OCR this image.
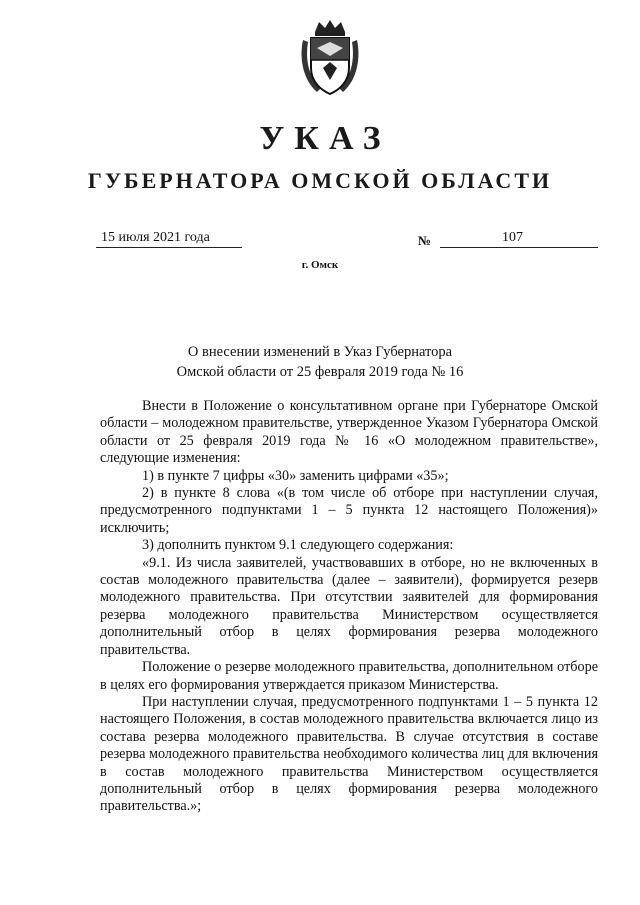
УКАЗ
ГУБЕРНАТОРА ОМСКОЙ ОБЛАСТИ
15 июля 2021 года	№	107
г. Омск
О внесении изменений в Указ Губернатора
Омской области от 25 февраля 2019 года № 16

Внести в Положение о консультативном органе при Губернаторе Омской области – молодежном правительстве, утвержденное Указом Губернатора Омской области от 25 февраля 2019 года № 16 «О молодежном правительстве», следующие изменения:

1) в пункте 7 цифры «30» заменить цифрами «35»;

2) в пункте 8 слова «(в том числе об отборе при наступлении случая, предусмотренного подпунктами 1 – 5 пункта 12 настоящего Положения)» исключить;

3) дополнить пунктом 9.1 следующего содержания:

«9.1. Из числа заявителей, участвовавших в отборе, но не включенных в состав молодежного правительства (далее – заявители), формируется резерв молодежного правительства. При отсутствии заявителей для формирования резерва молодежного правительства Министерством осуществляется дополнительный отбор в целях формирования резерва молодежного правительства.

Положение о резерве молодежного правительства, дополнительном отборе в целях его формирования утверждается приказом Министерства.

При наступлении случая, предусмотренного подпунктами 1 – 5 пункта 12 настоящего Положения, в состав молодежного правительства включается лицо из состава резерва молодежного правительства. В случае отсутствия в составе резерва молодежного правительства необходимого количества лиц для включения в состав молодежного правительства Министерством осуществляется дополнительный отбор в целях формирования резерва молодежного правительства.»;
